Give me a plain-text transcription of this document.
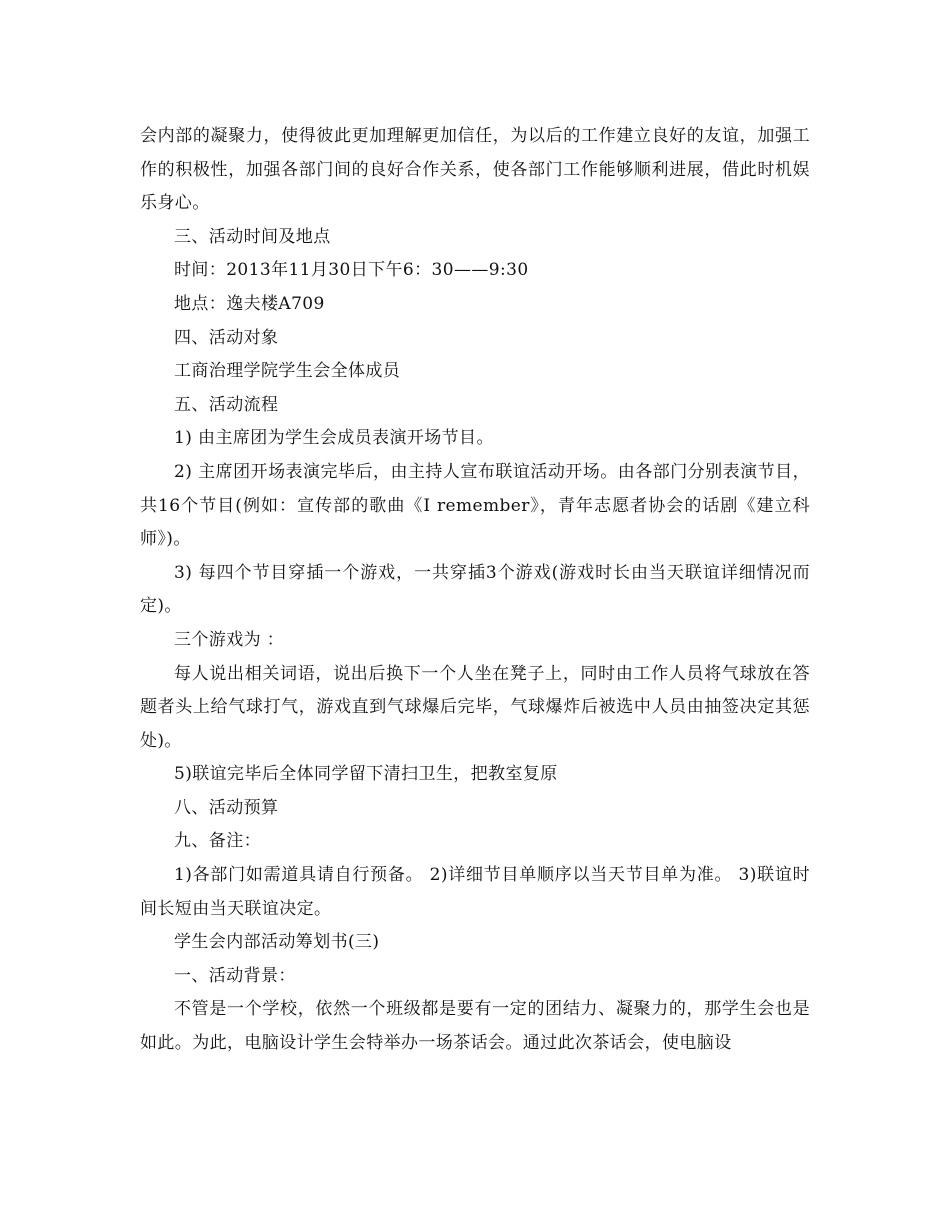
会内部的凝聚力，使得彼此更加理解更加信任，为以后的工作建立良好的友谊，加强工作的积极性，加强各部门间的良好合作关系，使各部门工作能够顺利进展，借此时机娱乐身心。

三、活动时间及地点

时间：2013年11月30日下午6：30——9:30

地点：逸夫楼A709

四、活动对象

工商治理学院学生会全体成员

五、活动流程

1) 由主席团为学生会成员表演开场节目。

2) 主席团开场表演完毕后，由主持人宣布联谊活动开场。由各部门分别表演节目，共16个节目(例如：宣传部的歌曲《I remember》，青年志愿者协会的话剧《建立科师》)。

3) 每四个节目穿插一个游戏，一共穿插3个游戏(游戏时长由当天联谊详细情况而定)。

三个游戏为 ：

每人说出相关词语，说出后换下一个人坐在凳子上，同时由工作人员将气球放在答题者头上给气球打气，游戏直到气球爆后完毕，气球爆炸后被选中人员由抽签决定其惩处)。

5)联谊完毕后全体同学留下清扫卫生，把教室复原

八、活动预算

九、备注：

1)各部门如需道具请自行预备。 2)详细节目单顺序以当天节目单为准。 3)联谊时间长短由当天联谊决定。

学生会内部活动筹划书(三)

一、活动背景：

不管是一个学校，依然一个班级都是要有一定的团结力、凝聚力的，那学生会也是如此。为此，电脑设计学生会特举办一场茶话会。通过此次茶话会，使电脑设
